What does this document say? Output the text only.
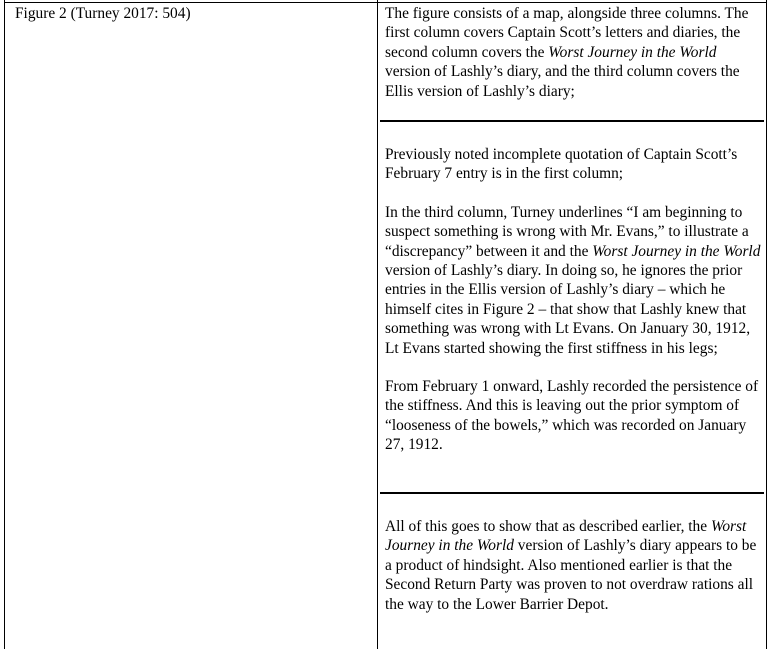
Figure 2 (Turney 2017: 504)	The figure consists of a map, alongside three columns. The first column covers Captain Scott’s letters and diaries, the second column covers the Worst Journey in the World version of Lashly’s diary, and the third column covers the Ellis version of Lashly’s diary;

Previously noted incomplete quotation of Captain Scott’s February 7 entry is in the first column;

In the third column, Turney underlines “I am beginning to suspect something is wrong with Mr. Evans,” to illustrate a “discrepancy” between it and the Worst Journey in the World version of Lashly’s diary. In doing so, he ignores the prior entries in the Ellis version of Lashly’s diary – which he himself cites in Figure 2 – that show that Lashly knew that something was wrong with Lt Evans. On January 30, 1912, Lt Evans started showing the first stiffness in his legs;

From February 1 onward, Lashly recorded the persistence of the stiffness. And this is leaving out the prior symptom of “looseness of the bowels,” which was recorded on January 27, 1912.

All of this goes to show that as described earlier, the Worst Journey in the World version of Lashly’s diary appears to be a product of hindsight. Also mentioned earlier is that the Second Return Party was proven to not overdraw rations all the way to the Lower Barrier Depot.
